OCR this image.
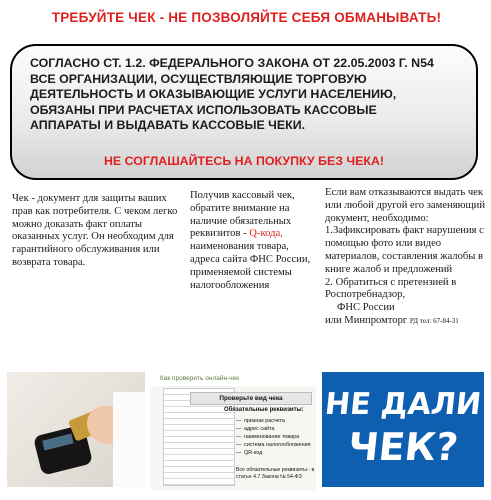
ТРЕБУЙТЕ ЧЕК - НЕ ПОЗВОЛЯЙТЕ СЕБЯ ОБМАНЫВАТЬ!
СОГЛАСНО СТ. 1.2. ФЕДЕРАЛЬНОГО ЗАКОНА ОТ 22.05.2003 Г. N54
ВСЕ ОРГАНИЗАЦИИ, ОСУЩЕСТВЛЯЮЩИЕ ТОРГОВУЮ
ДЕЯТЕЛЬНОСТЬ И ОКАЗЫВАЮЩИЕ УСЛУГИ НАСЕЛЕНИЮ,
ОБЯЗАНЫ ПРИ РАСЧЕТАХ ИСПОЛЬЗОВАТЬ КАССОВЫЕ
АППАРАТЫ И ВЫДАВАТЬ КАССОВЫЕ ЧЕКИ.
НЕ СОГЛАШАЙТЕСЬ НА ПОКУПКУ БЕЗ ЧЕКА!
Чек - документ для защиты ваших прав как потребителя. С чеком легко можно доказать факт оплаты оказанных услуг. Он необходим для гарантийного обслуживания или возврата товара.
Получив кассовый чек, обратите внимание на наличие обязательных реквизитов - Q-кода, наименования товара, адреса сайта ФНС России, применяемой системы налогообложения
Если вам отказываются выдать чек или любой другой его заменяющий документ, необходимо:
1.Зафиксировать факт нарушения с помощью фото или видео материалов, составления жалобы в книге жалоб и предложений
2. Обратиться с претензией в Роспотребнадзор,
ФНС России
или Минпромторг РД тел: 67-84-31
Как проверить онлайн-чек
Проверьте вид чека
Обязательные реквизиты:
— признак расчета
— адрес сайта
— наименование товара
— система налогообложения
— QR-код
Все обязательные реквизиты - в статье 4.7 Закона № 54-ФЗ
НЕ ДАЛИ
ЧЕК?
